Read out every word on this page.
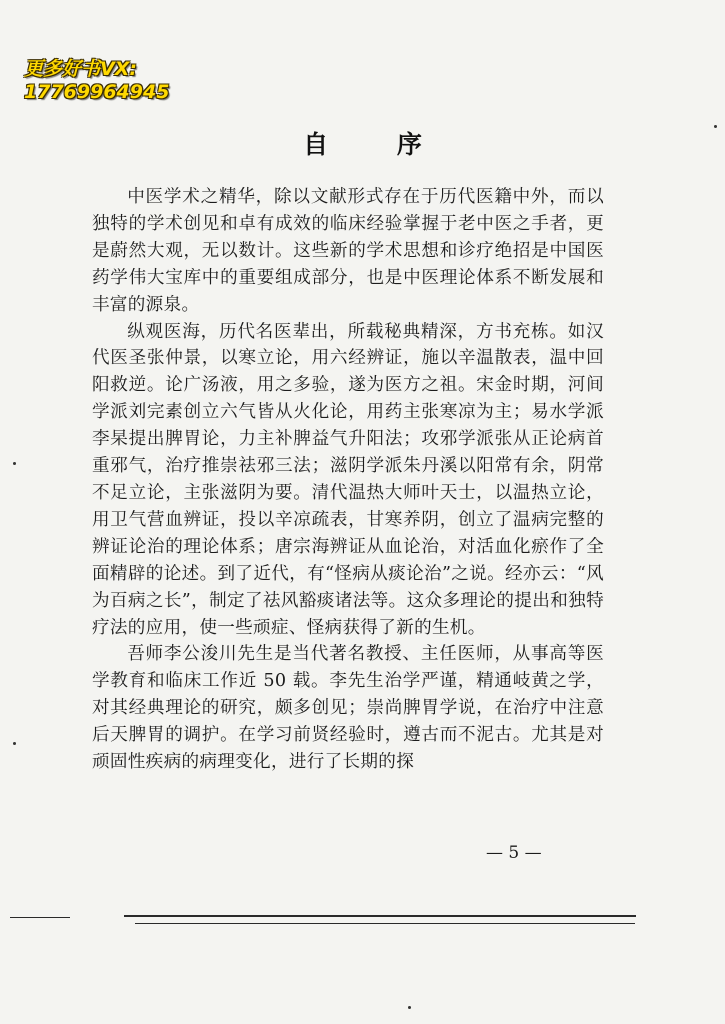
更多好书VX:
17769964945
自 序

中医学术之精华，除以文献形式存在于历代医籍中外，而以独特的学术创见和卓有成效的临床经验掌握于老中医之手者，更是蔚然大观，无以数计。这些新的学术思想和诊疗绝招是中国医药学伟大宝库中的重要组成部分，也是中医理论体系不断发展和丰富的源泉。

纵观医海，历代名医辈出，所载秘典精深，方书充栋。如汉代医圣张仲景，以寒立论，用六经辨证，施以辛温散表，温中回阳救逆。论广汤液，用之多验，遂为医方之祖。宋金时期，河间学派刘完素创立六气皆从火化论，用药主张寒凉为主；易水学派李杲提出脾胃论，力主补脾益气升阳法；攻邪学派张从正论病首重邪气，治疗推崇祛邪三法；滋阴学派朱丹溪以阳常有余，阴常不足立论，主张滋阴为要。清代温热大师叶天士，以温热立论，用卫气营血辨证，投以辛凉疏表，甘寒养阴，创立了温病完整的辨证论治的理论体系；唐宗海辨证从血论治，对活血化瘀作了全面精辟的论述。到了近代，有“怪病从痰论治”之说。经亦云：“风为百病之长”，制定了祛风豁痰诸法等。这众多理论的提出和独特疗法的应用，使一些顽症、怪病获得了新的生机。

吾师李公浚川先生是当代著名教授、主任医师，从事高等医学教育和临床工作近 50 载。李先生治学严谨，精通岐黄之学，对其经典理论的研究，颇多创见；崇尚脾胃学说，在治疗中注意后天脾胃的调护。在学习前贤经验时，遵古而不泥古。尤其是对顽固性疾病的病理变化，进行了长期的探

— 5 —
